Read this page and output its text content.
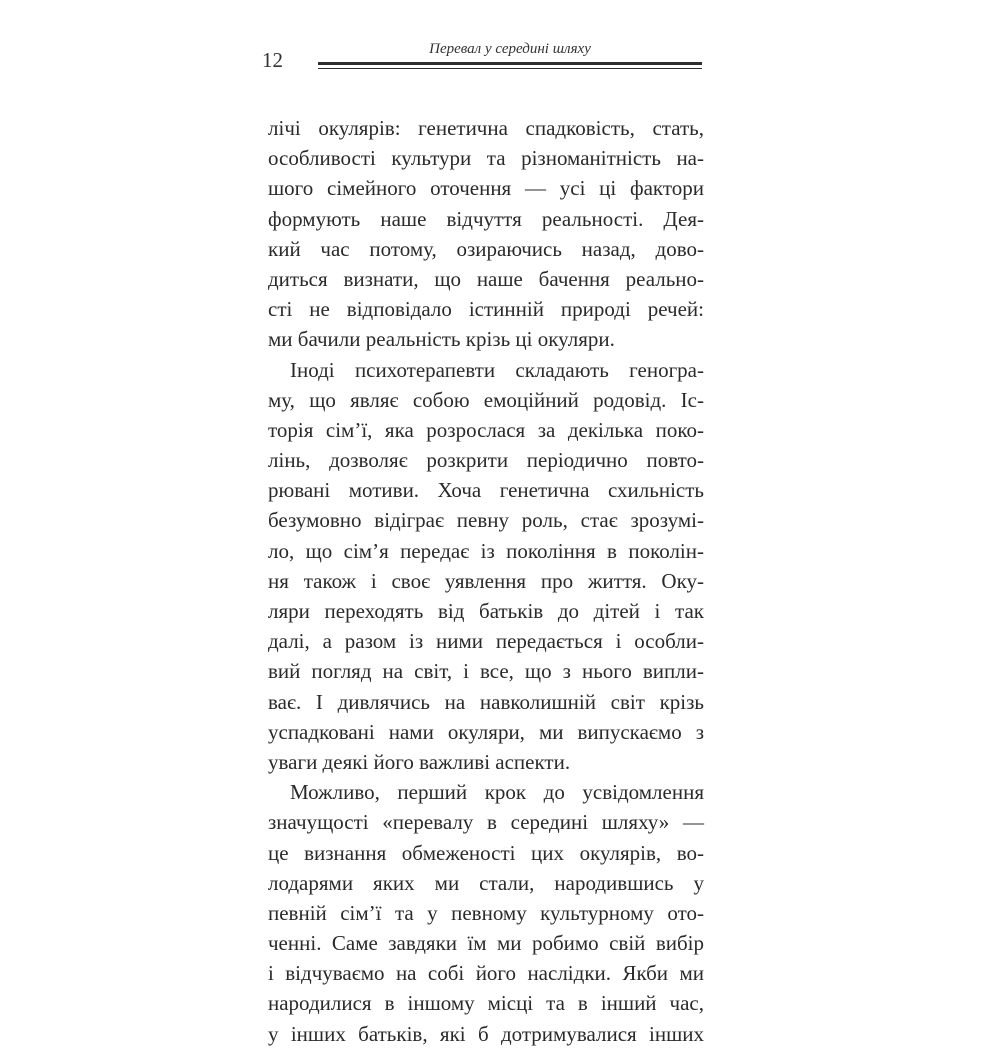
12	Перевал у середині шляху

лічі окулярів: генетична спадковість, стать,
особливості культури та різноманітність на-
шого сімейного оточення — усі ці фактори
формують наше відчуття реальності. Дея-
кий час потому, озираючись назад, дово-
диться визнати, що наше бачення реально-
сті не відповідало істинній природі речей:
ми бачили реальність крізь ці окуляри.

Іноді психотерапевти складають геногра-
му, що являє собою емоційний родовід. Іс-
торія сім’ї, яка розрослася за декілька поко-
лінь, дозволяє розкрити періодично повто-
рювані мотиви. Хоча генетична схильність
безумовно відіграє певну роль, стає зрозумі-
ло, що сім’я передає із покоління в поколін-
ня також і своє уявлення про життя. Оку-
ляри переходять від батьків до дітей і так
далі, а разом із ними передається і особли-
вий погляд на світ, і все, що з нього випли-
ває. І дивлячись на навколишній світ крізь
успадковані нами окуляри, ми випускаємо з
уваги деякі його важливі аспекти.

Можливо, перший крок до усвідомлення
значущості «перевалу в середині шляху» —
це визнання обмеженості цих окулярів, во-
лодарями яких ми стали, народившись у
певній сім’ї та у певному культурному ото-
ченні. Саме завдяки їм ми робимо свій вибір
і відчуваємо на собі його наслідки. Якби ми
народилися в іншому місці та в інший час,
у інших батьків, які б дотримувалися інших
